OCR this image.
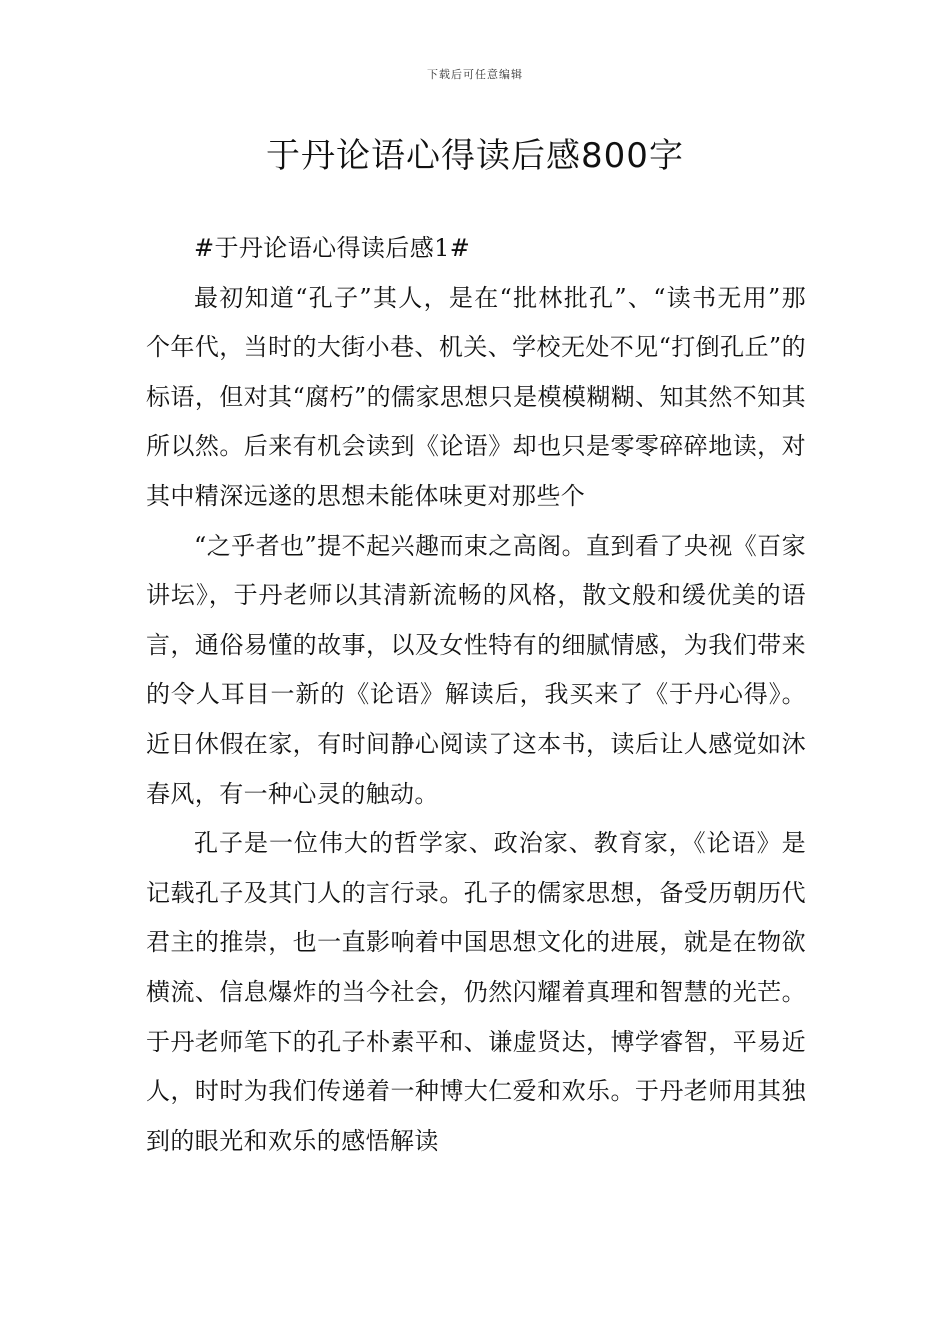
下载后可任意编辑
于丹论语心得读后感800字

#于丹论语心得读后感1#

最初知道“孔子”其人，是在“批林批孔”、“读书无用”那个年代，当时的大街小巷、机关、学校无处不见“打倒孔丘”的标语，但对其“腐朽”的儒家思想只是模模糊糊、知其然不知其所以然。后来有机会读到《论语》却也只是零零碎碎地读，对其中精深远遂的思想未能体味更对那些个

“之乎者也”提不起兴趣而束之高阁。直到看了央视《百家讲坛》，于丹老师以其清新流畅的风格，散文般和缓优美的语言，通俗易懂的故事，以及女性特有的细腻情感，为我们带来的令人耳目一新的《论语》解读后，我买来了《于丹心得》。近日休假在家，有时间静心阅读了这本书，读后让人感觉如沐春风，有一种心灵的触动。

孔子是一位伟大的哲学家、政治家、教育家，《论语》是记载孔子及其门人的言行录。孔子的儒家思想，备受历朝历代君主的推崇，也一直影响着中国思想文化的进展，就是在物欲横流、信息爆炸的当今社会，仍然闪耀着真理和智慧的光芒。于丹老师笔下的孔子朴素平和、谦虚贤达，博学睿智，平易近人，时时为我们传递着一种博大仁爱和欢乐。于丹老师用其独到的眼光和欢乐的感悟解读
